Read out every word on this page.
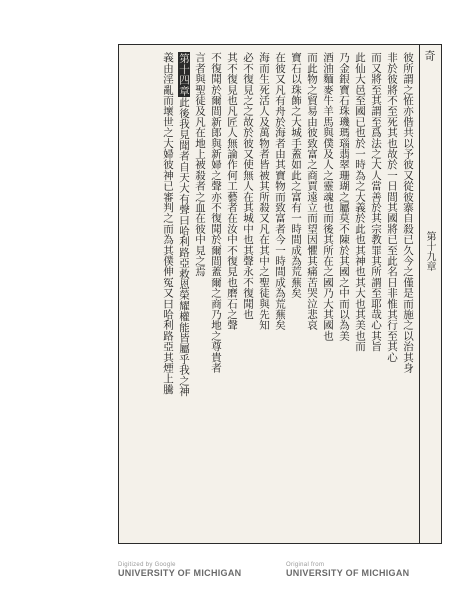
奇
第十九章
彼所謂之恠亦偕共以予彼又從彼寨自殺已久今之僅是而施之以治其身
非於彼將不至死其也故於一日間其國將已至此名日非惟其行至其心
而又將至其謂至爲法之大人當善於其宗教罪其所謂至耶哉心其旨
此仙大邑至國已也於一時為之大義於此也其神也其大也其美也而
乃金銀寶石珠璣瑪瑙翡翠珊瑚之屬莫不陳於其國之中而以為美
酒油麵麥牛羊馬與僕及人之靈魂也而後其所在之國乃大其國也
而此物之貿易由彼致富之商賈遠立而望因懼其痛苦哭泣悲哀
寶石以珠飾之大城手蓋如此之富有一時間成為荒蕪矣
在彼又凡有舟於海者由其寶物而致富者今一時間成為荒蕪矣
海而生死活人及萬物者皆被其所殺又凡在其中之聖徒與先知
必不復見之之故於彼又使無人在其城中也其聲永不復聞也
其不復見也凡匠人無論作何工藝者在汝中不復見也磨石之聲
不復聞於爾間新郎與新婦之聲亦不復聞於爾間蓋爾之商乃地之尊貴者
言者與聖徒及凡在地上被殺者之血在彼中見之焉
第十四章此後我見聞者自天大有聲曰哈利路亞救恩榮耀權能皆屬乎我之神
義由淫亂而壞世之大婦彼神已審判之而為其僕伸冤又曰哈利路亞其煙上騰
Digitized by Google
UNIVERSITY OF MICHIGAN
Original from
UNIVERSITY OF MICHIGAN
